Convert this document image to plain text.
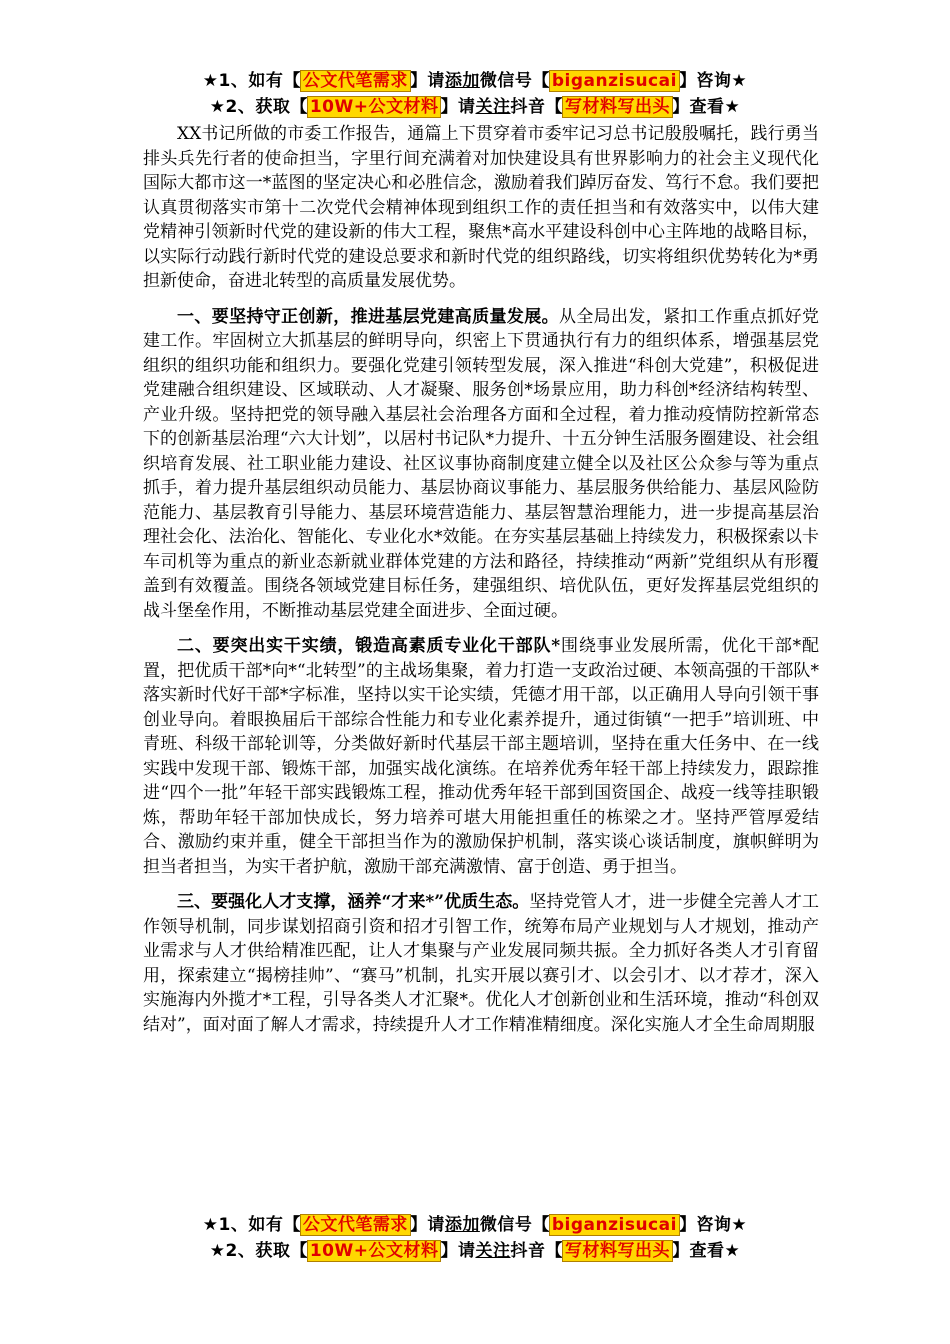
★1、如有【 公文代笔需求 】请添加微信号【 biganzisucai 】咨询★
★2、获取【 10W+公文材料 】请关注抖音【 写材料写出头 】查看★

XX书记所做的市委工作报告，通篇上下贯穿着市委牢记习总书记殷殷嘱托，践行勇当排头兵先行者的使命担当，字里行间充满着对加快建设具有世界影响力的社会主义现代化国际大都市这一*蓝图的坚定决心和必胜信念，激励着我们踔厉奋发、笃行不怠。我们要把认真贯彻落实市第十二次党代会精神体现到组织工作的责任担当和有效落实中，以伟大建党精神引领新时代党的建设新的伟大工程，聚焦*高水平建设科创中心主阵地的战略目标，以实际行动践行新时代党的建设总要求和新时代党的组织路线，切实将组织优势转化为*勇担新使命，奋进北转型的高质量发展优势。

一、要坚持守正创新，推进基层党建高质量发展。从全局出发，紧扣工作重点抓好党建工作。牢固树立大抓基层的鲜明导向，织密上下贯通执行有力的组织体系，增强基层党组织的组织功能和组织力。要强化党建引领转型发展，深入推进“科创大党建”，积极促进党建融合组织建设、区域联动、人才凝聚、服务创*场景应用，助力科创*经济结构转型、产业升级。坚持把党的领导融入基层社会治理各方面和全过程，着力推动疫情防控新常态下的创新基层治理“六大计划”，以居村书记队*力提升、十五分钟生活服务圈建设、社会组织培育发展、社工职业能力建设、社区议事协商制度建立健全以及社区公众参与等为重点抓手，着力提升基层组织动员能力、基层协商议事能力、基层服务供给能力、基层风险防范能力、基层教育引导能力、基层环境营造能力、基层智慧治理能力，进一步提高基层治理社会化、法治化、智能化、专业化水*效能。在夯实基层基础上持续发力，积极探索以卡车司机等为重点的新业态新就业群体党建的方法和路径，持续推动“两新”党组织从有形覆盖到有效覆盖。围绕各领域党建目标任务，建强组织、培优队伍，更好发挥基层党组织的战斗堡垒作用，不断推动基层党建全面进步、全面过硬。

二、要突出实干实绩，锻造高素质专业化干部队*围绕事业发展所需，优化干部*配置，把优质干部*向*“北转型”的主战场集聚，着力打造一支政治过硬、本领高强的干部队*落实新时代好干部*字标准，坚持以实干论实绩，凭德才用干部，以正确用人导向引领干事创业导向。着眼换届后干部综合性能力和专业化素养提升，通过街镇“一把手”培训班、中青班、科级干部轮训等，分类做好新时代基层干部主题培训，坚持在重大任务中、在一线实践中发现干部、锻炼干部，加强实战化演练。在培养优秀年轻干部上持续发力，跟踪推进“四个一批”年轻干部实践锻炼工程，推动优秀年轻干部到国资国企、战疫一线等挂职锻炼，帮助年轻干部加快成长，努力培养可堪大用能担重任的栋梁之才。坚持严管厚爱结合、激励约束并重，健全干部担当作为的激励保护机制，落实谈心谈话制度，旗帜鲜明为担当者担当，为实干者护航，激励干部充满激情、富于创造、勇于担当。

三、要强化人才支撑，涵养“才来*”优质生态。坚持党管人才，进一步健全完善人才工作领导机制，同步谋划招商引资和招才引智工作，统筹布局产业规划与人才规划，推动产业需求与人才供给精准匹配，让人才集聚与产业发展同频共振。全力抓好各类人才引育留用，探索建立“揭榜挂帅”、“赛马”机制，扎实开展以赛引才、以会引才、以才荐才，深入实施海内外揽才*工程，引导各类人才汇聚*。优化人才创新创业和生活环境，推动“科创双结对”，面对面了解人才需求，持续提升人才工作精准精细度。深化实施人才全生命周期服

★1、如有【 公文代笔需求 】请添加微信号【 biganzisucai 】咨询★
★2、获取【 10W+公文材料 】请关注抖音【 写材料写出头 】查看★
